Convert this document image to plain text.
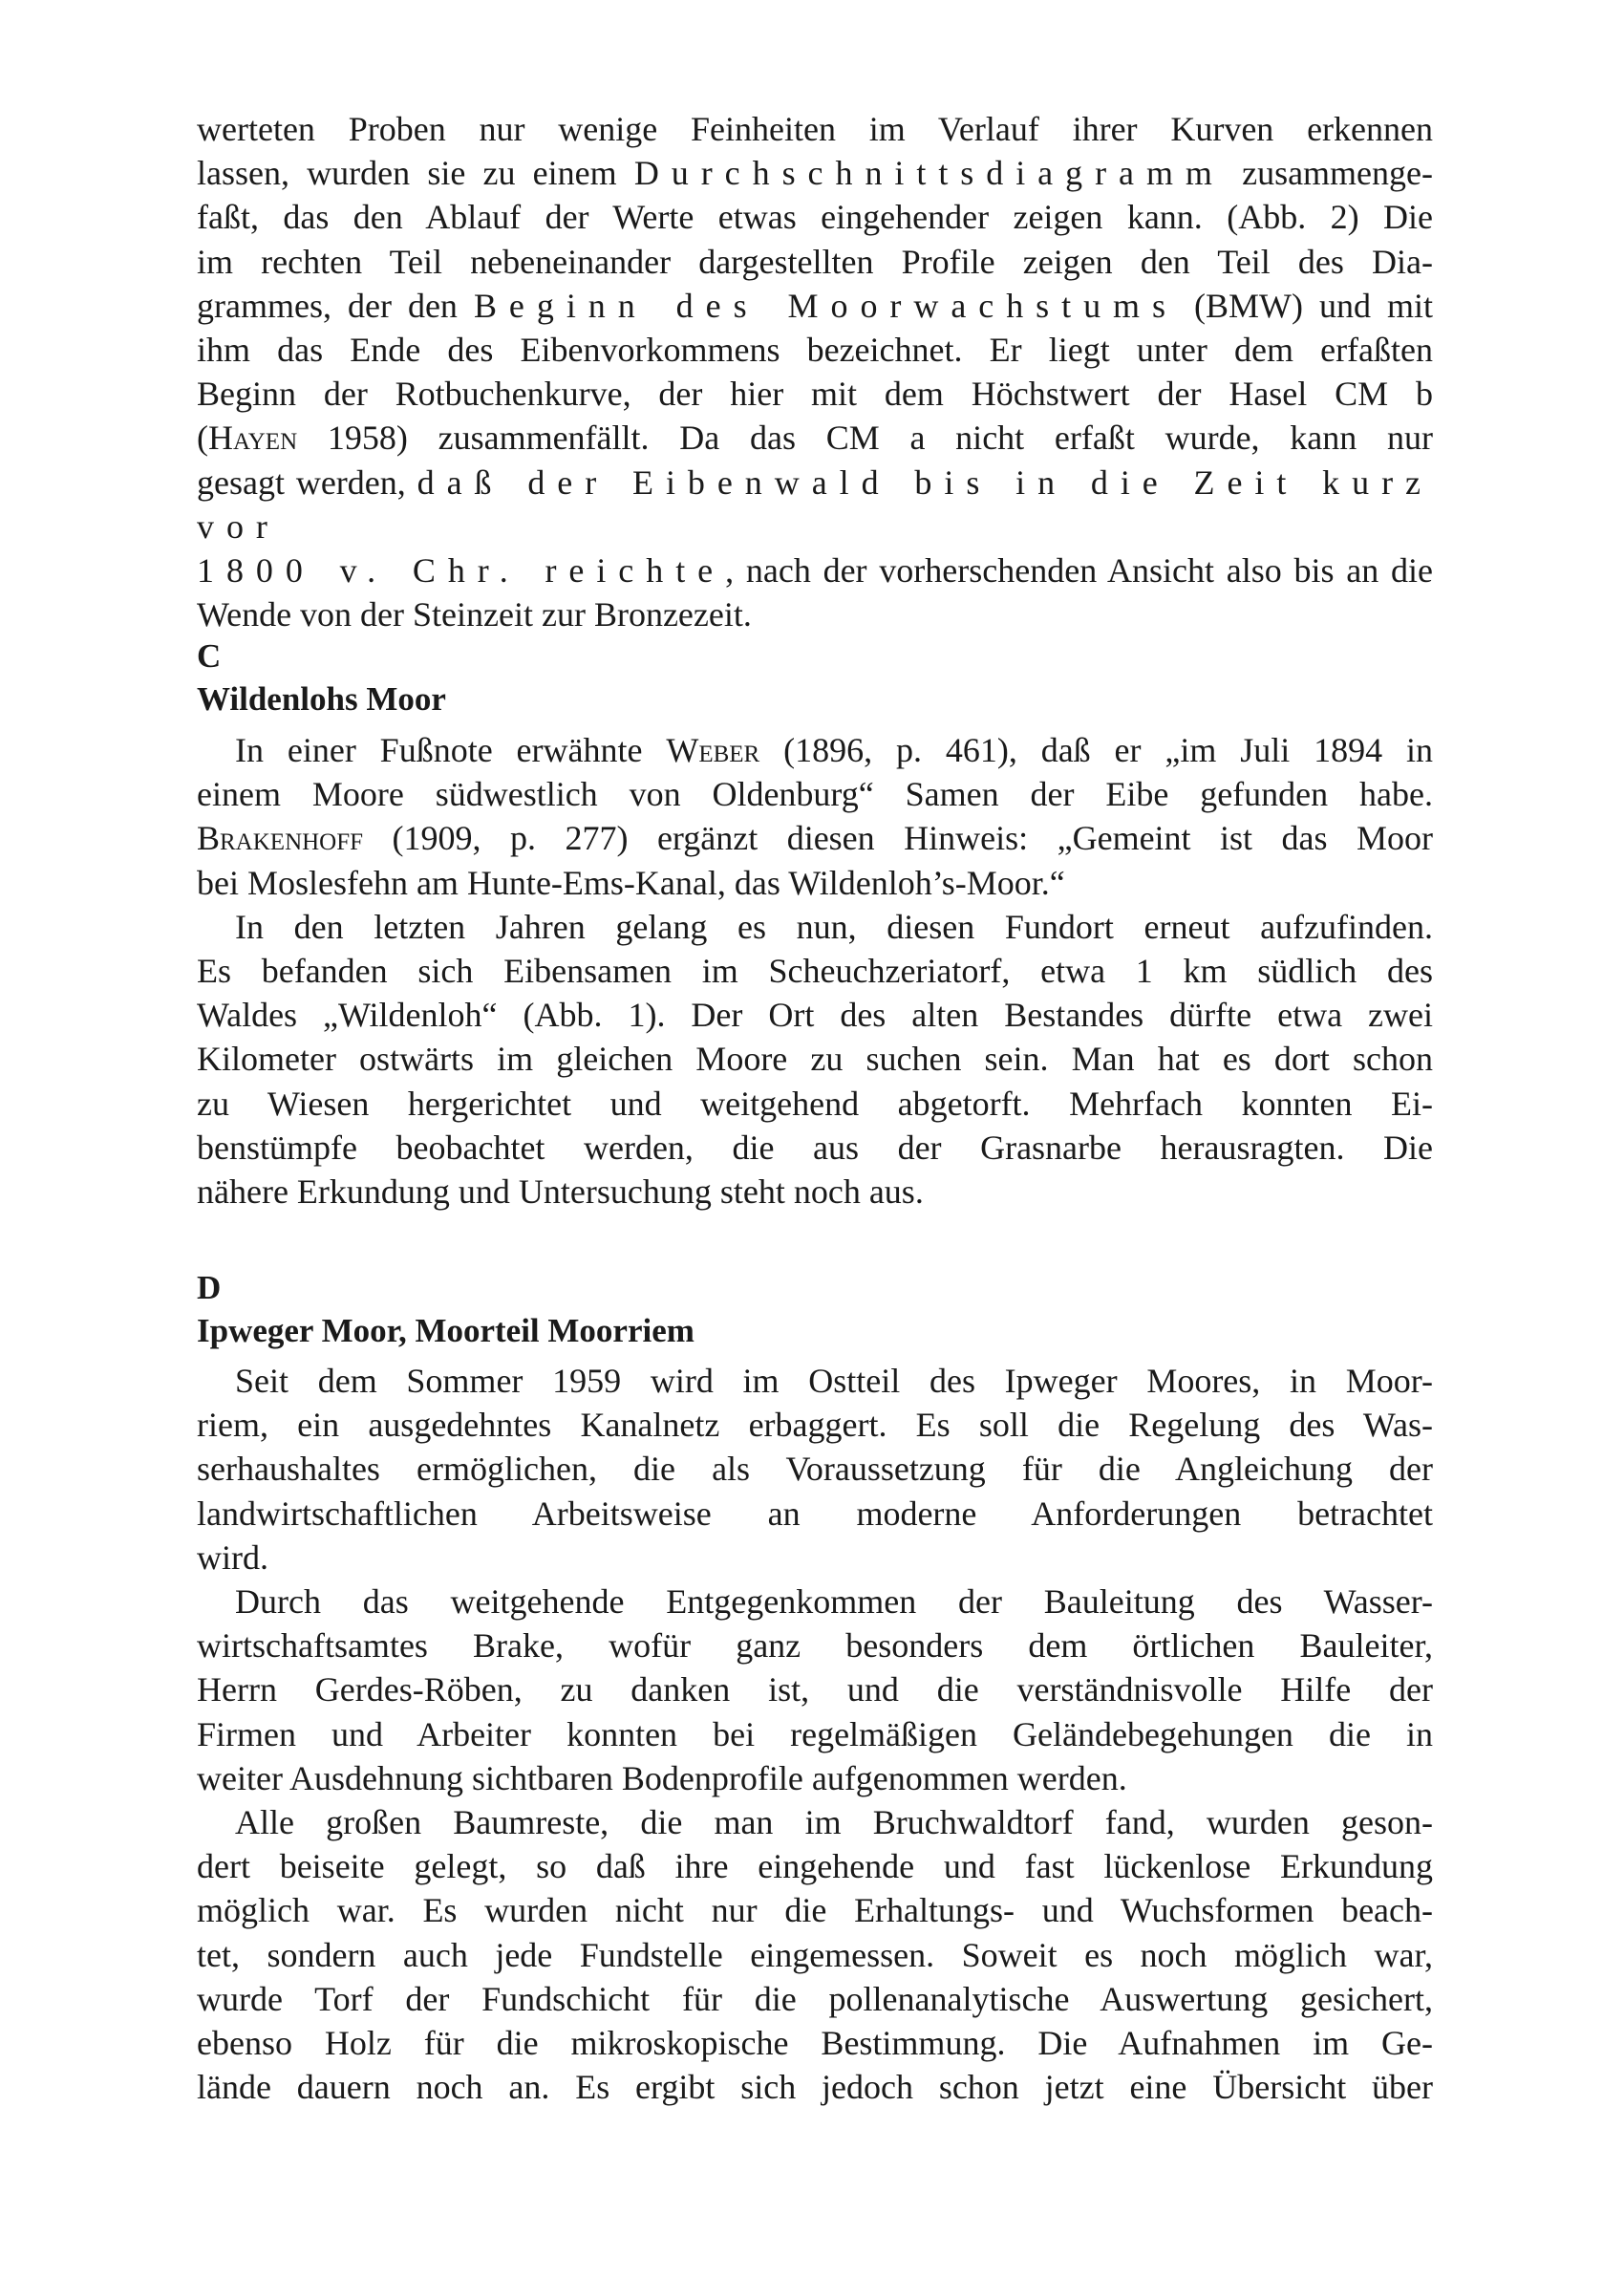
werteten Proben nur wenige Feinheiten im Verlauf ihrer Kurven erkennen

lassen, wurden sie zu einem Durchschnittsdiagramm zusammenge-

faßt, das den Ablauf der Werte etwas eingehender zeigen kann. (Abb. 2) Die

im rechten Teil nebeneinander dargestellten Profile zeigen den Teil des Dia-

grammes, der den Beginn des Moorwachstums (BMW) und mit

ihm das Ende des Eibenvorkommens bezeichnet. Er liegt unter dem erfaßten

Beginn der Rotbuchenkurve, der hier mit dem Höchstwert der Hasel CM b

(Hayen 1958) zusammenfällt. Da das CM a nicht erfaßt wurde, kann nur

gesagt werden, daß der Eibenwald bis in die Zeit kurz vor

1800 v. Chr. reichte, nach der vorherschenden Ansicht also bis an die

Wende von der Steinzeit zur Bronzezeit.

C
Wildenlohs Moor

In einer Fußnote erwähnte Weber (1896, p. 461), daß er „im Juli 1894 in

einem Moore südwestlich von Oldenburg“ Samen der Eibe gefunden habe.

Brakenhoff (1909, p. 277) ergänzt diesen Hinweis: „Gemeint ist das Moor

bei Moslesfehn am Hunte-Ems-Kanal, das Wildenloh’s-Moor.“

In den letzten Jahren gelang es nun, diesen Fundort erneut aufzufinden.

Es befanden sich Eibensamen im Scheuchzeriatorf, etwa 1 km südlich des

Waldes „Wildenloh“ (Abb. 1). Der Ort des alten Bestandes dürfte etwa zwei

Kilometer ostwärts im gleichen Moore zu suchen sein. Man hat es dort schon

zu Wiesen hergerichtet und weitgehend abgetorft. Mehrfach konnten Ei-

benstümpfe beobachtet werden, die aus der Grasnarbe herausragten. Die

nähere Erkundung und Untersuchung steht noch aus.

D
Ipweger Moor, Moorteil Moorriem

Seit dem Sommer 1959 wird im Ostteil des Ipweger Moores, in Moor-

riem, ein ausgedehntes Kanalnetz erbaggert. Es soll die Regelung des Was-

serhaushaltes ermöglichen, die als Voraussetzung für die Angleichung der

landwirtschaftlichen Arbeitsweise an moderne Anforderungen betrachtet

wird.

Durch das weitgehende Entgegenkommen der Bauleitung des Wasser-

wirtschaftsamtes Brake, wofür ganz besonders dem örtlichen Bauleiter,

Herrn Gerdes-Röben, zu danken ist, und die verständnisvolle Hilfe der

Firmen und Arbeiter konnten bei regelmäßigen Geländebegehungen die in

weiter Ausdehnung sichtbaren Bodenprofile aufgenommen werden.

Alle großen Baumreste, die man im Bruchwaldtorf fand, wurden geson-

dert beiseite gelegt, so daß ihre eingehende und fast lückenlose Erkundung

möglich war. Es wurden nicht nur die Erhaltungs- und Wuchsformen beach-

tet, sondern auch jede Fundstelle eingemessen. Soweit es noch möglich war,

wurde Torf der Fundschicht für die pollenanalytische Auswertung gesichert,

ebenso Holz für die mikroskopische Bestimmung. Die Aufnahmen im Ge-

lände dauern noch an. Es ergibt sich jedoch schon jetzt eine Übersicht über
